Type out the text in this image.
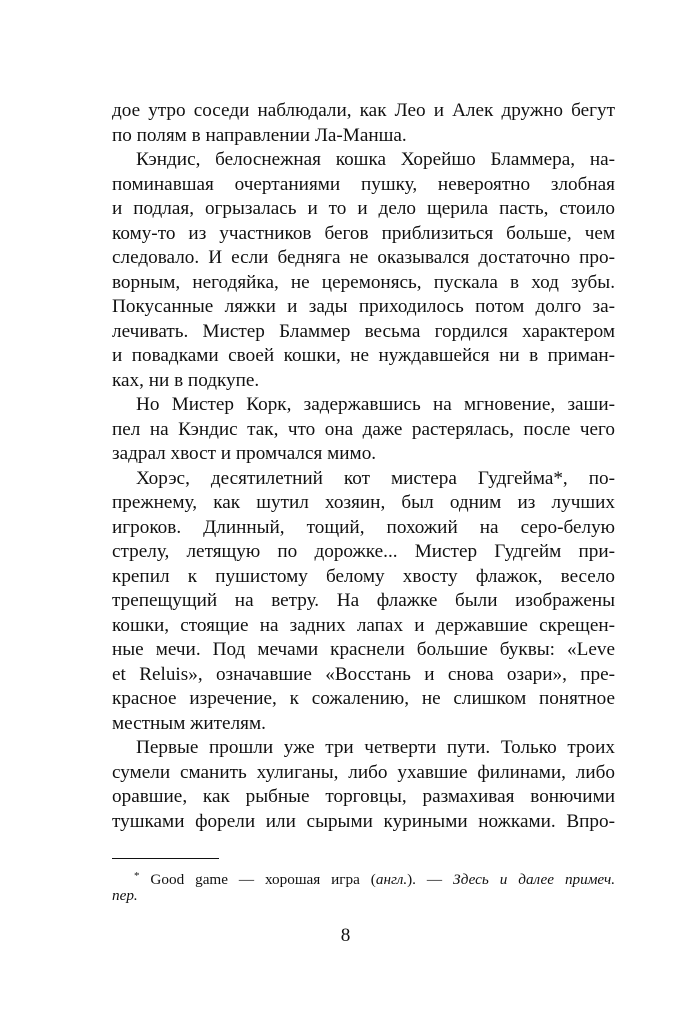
дое утро соседи наблюдали, как Лео и Алек дружно бегут
по полям в направлении Ла-Манша.
Кэндис, белоснежная кошка Хорейшо Бламмера, на-
поминавшая очертаниями пушку, невероятно злобная
и подлая, огрызалась и то и дело щерила пасть, стоило
кому-то из участников бегов приблизиться больше, чем
следовало. И если бедняга не оказывался достаточно про-
ворным, негодяйка, не церемонясь, пускала в ход зубы.
Покусанные ляжки и зады приходилось потом долго за-
лечивать. Мистер Бламмер весьма гордился характером
и повадками своей кошки, не нуждавшейся ни в приман-
ках, ни в подкупе.
Но Мистер Корк, задержавшись на мгновение, заши-
пел на Кэндис так, что она даже растерялась, после чего
задрал хвост и промчался мимо.
Хорэс, десятилетний кот мистера Гудгейма*, по-
прежнему, как шутил хозяин, был одним из лучших
игроков. Длинный, тощий, похожий на серо-белую
стрелу, летящую по дорожке... Мистер Гудгейм при-
крепил к пушистому белому хвосту флажок, весело
трепещущий на ветру. На флажке были изображены
кошки, стоящие на задних лапах и державшие скрещен-
ные мечи. Под мечами краснели большие буквы: «Leve
et Reluis», означавшие «Восстань и снова озари», пре-
красное изречение, к сожалению, не слишком понятное
местным жителям.
Первые прошли уже три четверти пути. Только троих
сумели сманить хулиганы, либо ухавшие филинами, либо
оравшие, как рыбные торговцы, размахивая вонючими
тушками форели или сырыми куриными ножками. Впро-
* Good game — хорошая игра (англ.). — Здесь и далее примеч.
пер.
8
